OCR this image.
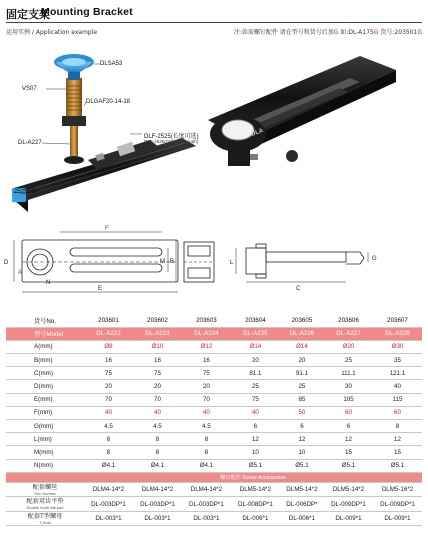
固定支架
Mounting Bracket
运用实例 / Application example	注:如需螺钉配件 请在型号和货号后加G 如:DL-A175G 货号:203501G
DLA
DLSA53
VS07
DLGAF20-14-18
DL-A227
DLF-2525(长度可选)
DLF-2525(Optional length)
2525DG
F
E
D
A
N
M B	L
C
G
货号No.	203601	203602	203603	203604	203605	203606	203607
型号Model	DL-A222	DL-A223	DL-A224	DL-A225	DL-A226	DL-A227	DL-A228
A(mm)	Ø8	Ø10	Ø12	Ø14	Ø14	Ø20	Ø30
B(mm)	16	16	16	20	20	25	35
C(mm)	75	75	75	81.1	91.1	111.1	121.1
D(mm)	20	20	20	25	25	30	40
E(mm)	70	70	70	75	85	105	115
F(mm)	40	40	40	40	50	60	60
G(mm)	4.5	4.5	4.5	6	6	6	8
L(mm)	8	8	8	12	12	12	12
M(mm)	8	8	8	10	10	15	15
N(mm)	Ø4.1	Ø4.1	Ø4.1	Ø5.1	Ø5.1	Ø5.1	Ø5.1
	螺钉配件 Screw Accessories						

配套螺丝
Sun Screws	DLM4-14*2	DLM4-14*2	DLM4-14*2	DLM5-14*2	DLM5-14*2	DLM5-14*2	DLM5-16*2

配套双齿平垫
Double tooth flat pad	DL-003DP*1	DL-003DP*1	DL-003DP*1	DL-008DP*1	DL-006DP*	DL-009DP*1	DL-009DP*1

配套T型螺母
T-Nuts	DL-003*1	DL-003*1	DL-003*1	DL-006*1	DL-006*1	DL-009*1	DL-009*1
